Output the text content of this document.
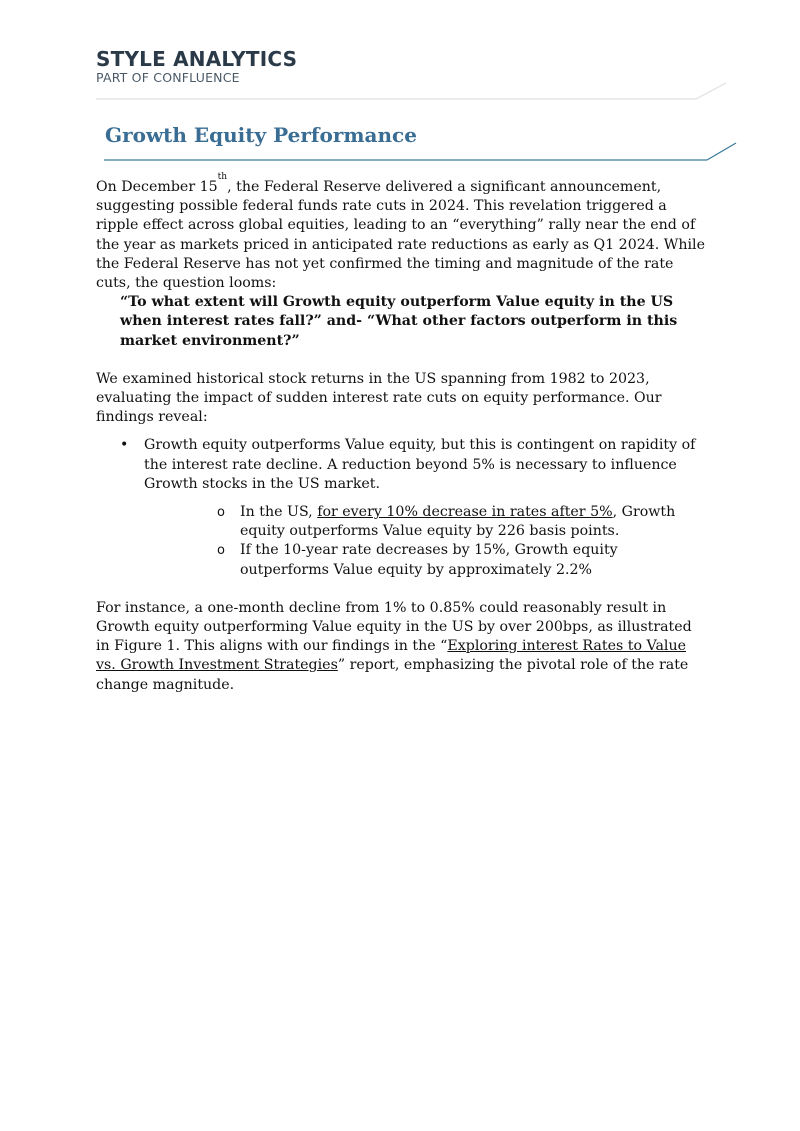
STYLE ANALYTICS
PART OF CONFLUENCE
Growth Equity Performance

On December 15th, the Federal Reserve delivered a significant announcement, suggesting possible federal funds rate cuts in 2024. This revelation triggered a ripple effect across global equities, leading to an “everything” rally near the end of the year as markets priced in anticipated rate reductions as early as Q1 2024. While the Federal Reserve has not yet confirmed the timing and magnitude of the rate cuts, the question looms:

“To what extent will Growth equity outperform Value equity in the US when interest rates fall?” and- “What other factors outperform in this market environment?”

We examined historical stock returns in the US spanning from 1982 to 2023, evaluating the impact of sudden interest rate cuts on equity performance. Our findings reveal:

• Growth equity outperforms Value equity, but this is contingent on rapidity of the interest rate decline. A reduction beyond 5% is necessary to influence Growth stocks in the US market.
o In the US, for every 10% decrease in rates after 5%, Growth equity outperforms Value equity by 226 basis points.
o If the 10-year rate decreases by 15%, Growth equity outperforms Value equity by approximately 2.2%

For instance, a one-month decline from 1% to 0.85% could reasonably result in Growth equity outperforming Value equity in the US by over 200bps, as illustrated in Figure 1. This aligns with our findings in the “Exploring interest Rates to Value vs. Growth Investment Strategies” report, emphasizing the pivotal role of the rate change magnitude.
